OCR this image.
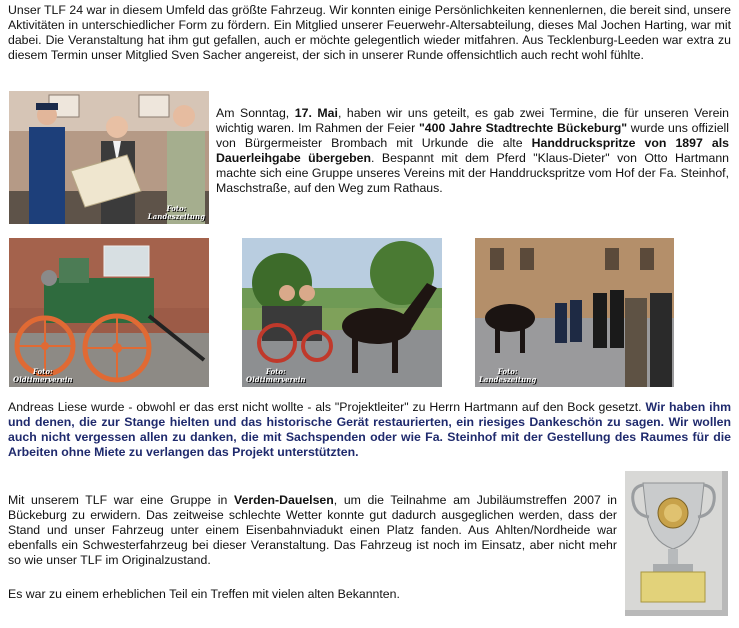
Unser TLF 24 war in diesem Umfeld das größte Fahrzeug. Wir konnten einige Persönlichkeiten kennenlernen, die bereit sind, unsere Aktivitäten in unterschiedlicher Form zu fördern. Ein Mitglied unserer Feuerwehr-Altersabteilung, dieses Mal Jochen Harting, war mit dabei. Die Veranstaltung hat ihm gut gefallen, auch er möchte gelegentlich wieder mitfahren. Aus Tecklenburg-Leeden war extra zu diesem Termin unser Mitglied Sven Sacher angereist, der sich in unserer Runde offensichtlich auch recht wohl fühlte.
Foto:
Landeszeitung
Am Sonntag, 17. Mai, haben wir uns geteilt, es gab zwei Termine, die für unseren Verein wichtig waren. Im Rahmen der Feier "400 Jahre Stadtrechte Bückeburg" wurde uns offiziell von Bürgermeister Brombach mit Urkunde die alte Handdruckspritze von 1897 als Dauerleihgabe übergeben. Bespannt mit dem Pferd "Klaus-Dieter" von Otto Hartmann machte sich eine Gruppe unseres Vereins mit der Handdruckspritze vom Hof der Fa. Steinhof, Maschstraße, auf den Weg zum Rathaus.
Foto:
Oldtimerverein
Foto:
Oldtimerverein
Foto:
Landeszeitung
Andreas Liese wurde - obwohl er das erst nicht wollte - als "Projektleiter" zu Herrn Hartmann auf den Bock gesetzt. Wir haben ihm und denen, die zur Stange hielten und das historische Gerät restaurierten, ein riesiges Dankeschön zu sagen. Wir wollen auch nicht vergessen allen zu danken, die mit Sachspenden oder wie Fa. Steinhof mit der Gestellung des Raumes für die Arbeiten ohne Miete zu verlangen das Projekt unterstützten.
Mit unserem TLF war eine Gruppe in Verden-Dauelsen, um die Teilnahme am Jubiläumstreffen 2007 in Bückeburg zu erwidern. Das zeitweise schlechte Wetter konnte gut dadurch ausgeglichen werden, dass der Stand und unser Fahrzeug unter einem Eisenbahnviadukt einen Platz fanden. Aus Ahlten/Nordheide war ebenfalls ein Schwesterfahrzeug bei dieser Veranstaltung. Das Fahrzeug ist noch im Einsatz, aber nicht mehr so wie unser TLF im Originalzustand.
Es war zu einem erheblichen Teil ein Treffen mit vielen alten Bekannten.
